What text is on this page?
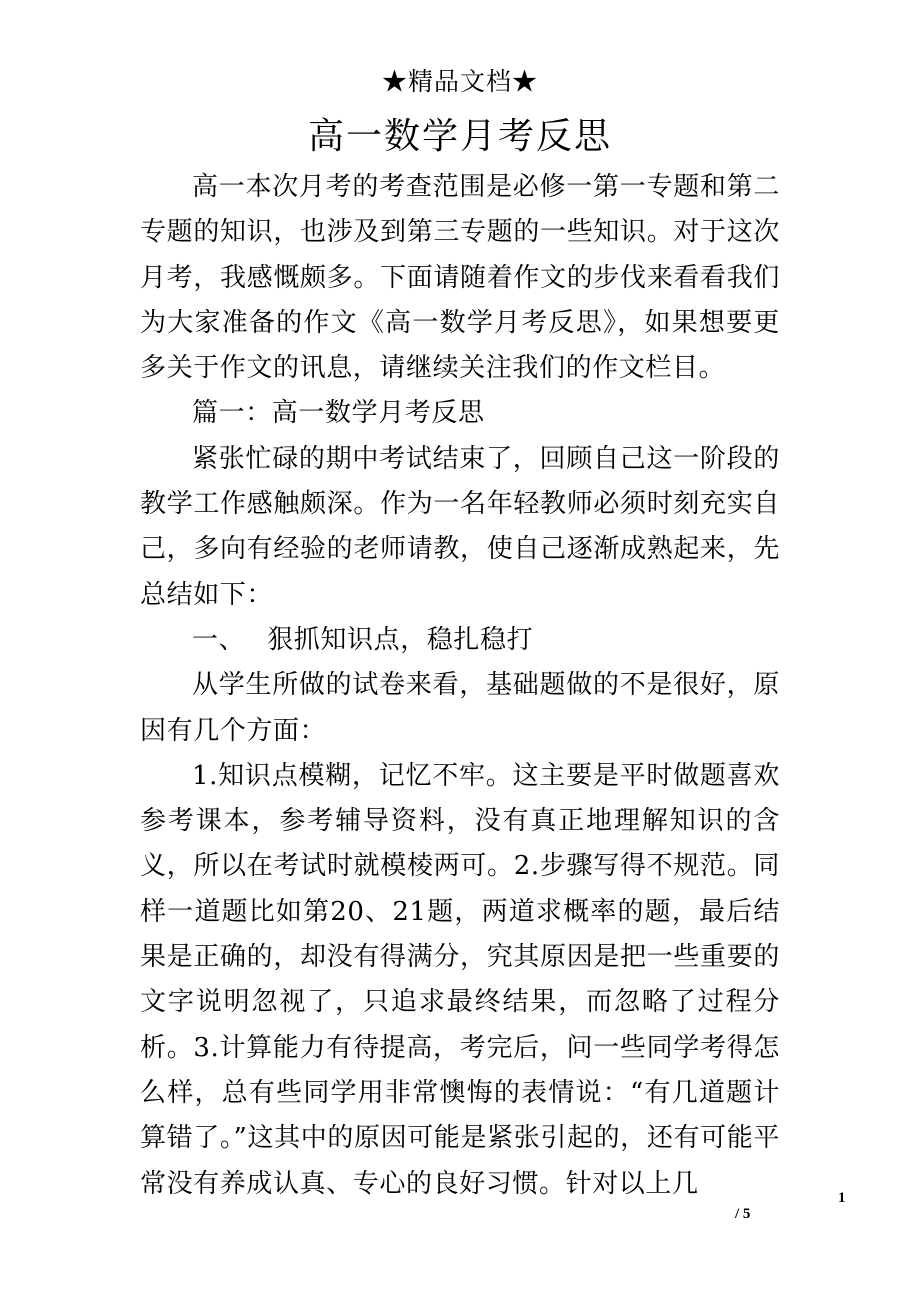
★精品文档★
高一数学月考反思

高一本次月考的考查范围是必修一第一专题和第二专题的知识，也涉及到第三专题的一些知识。对于这次月考，我感慨颇多。下面请随着作文的步伐来看看我们为大家准备的作文《高一数学月考反思》，如果想要更多关于作文的讯息，请继续关注我们的作文栏目。

篇一：高一数学月考反思

紧张忙碌的期中考试结束了，回顾自己这一阶段的教学工作感触颇深。作为一名年轻教师必须时刻充实自己，多向有经验的老师请教，使自己逐渐成熟起来，先总结如下：

一、 狠抓知识点，稳扎稳打

从学生所做的试卷来看，基础题做的不是很好，原因有几个方面：

1.知识点模糊，记忆不牢。这主要是平时做题喜欢参考课本，参考辅导资料，没有真正地理解知识的含义，所以在考试时就模棱两可。2.步骤写得不规范。同样一道题比如第20、21题，两道求概率的题，最后结果是正确的，却没有得满分，究其原因是把一些重要的文字说明忽视了，只追求最终结果，而忽略了过程分析。3.计算能力有待提高，考完后，问一些同学考得怎么样，总有些同学用非常懊悔的表情说：“有几道题计算错了。”这其中的原因可能是紧张引起的，还有可能平常没有养成认真、专心的良好习惯。针对以上几	1
/ 5
